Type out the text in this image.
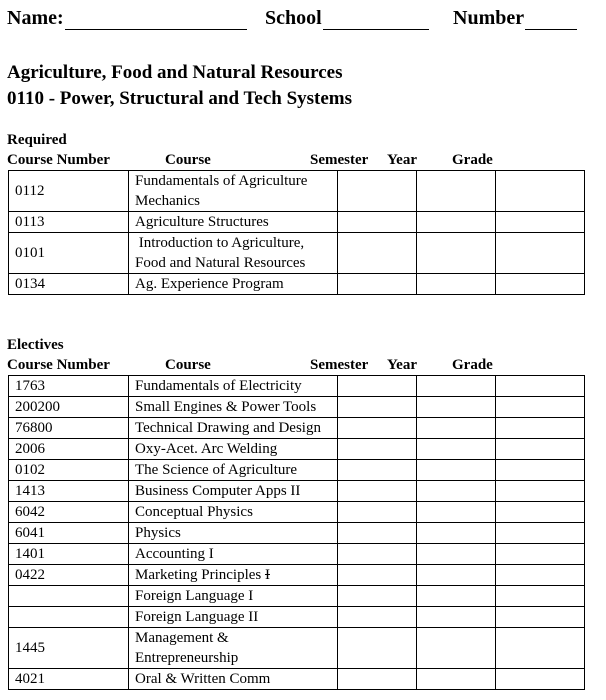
Name:	School	Number
Agriculture, Food and Natural Resources
0110 - Power, Structural and Tech Systems
Required
Course Number	Course	Semester Year Grade
0112	Fundamentals of Agriculture
Mechanics			

0113	Agriculture Structures			
0101	Introduction to Agriculture,
Food and Natural Resources			

0134	Ag. Experience Program			
Electives
Course Number	Course	Semester Year Grade
1763	Fundamentals of Electricity			
200200	Small Engines & Power Tools			
76800	Technical Drawing and Design			
2006	Oxy-Acet. Arc Welding			
0102	The Science of Agriculture			
1413	Business Computer Apps II			
6042	Conceptual Physics			
6041	Physics			
1401	Accounting I			
0422	Marketing Principles I			
	Foreign Language I			
	Foreign Language II			
1445	Management &
Entrepreneurship			

4021	Oral & Written Comm			
